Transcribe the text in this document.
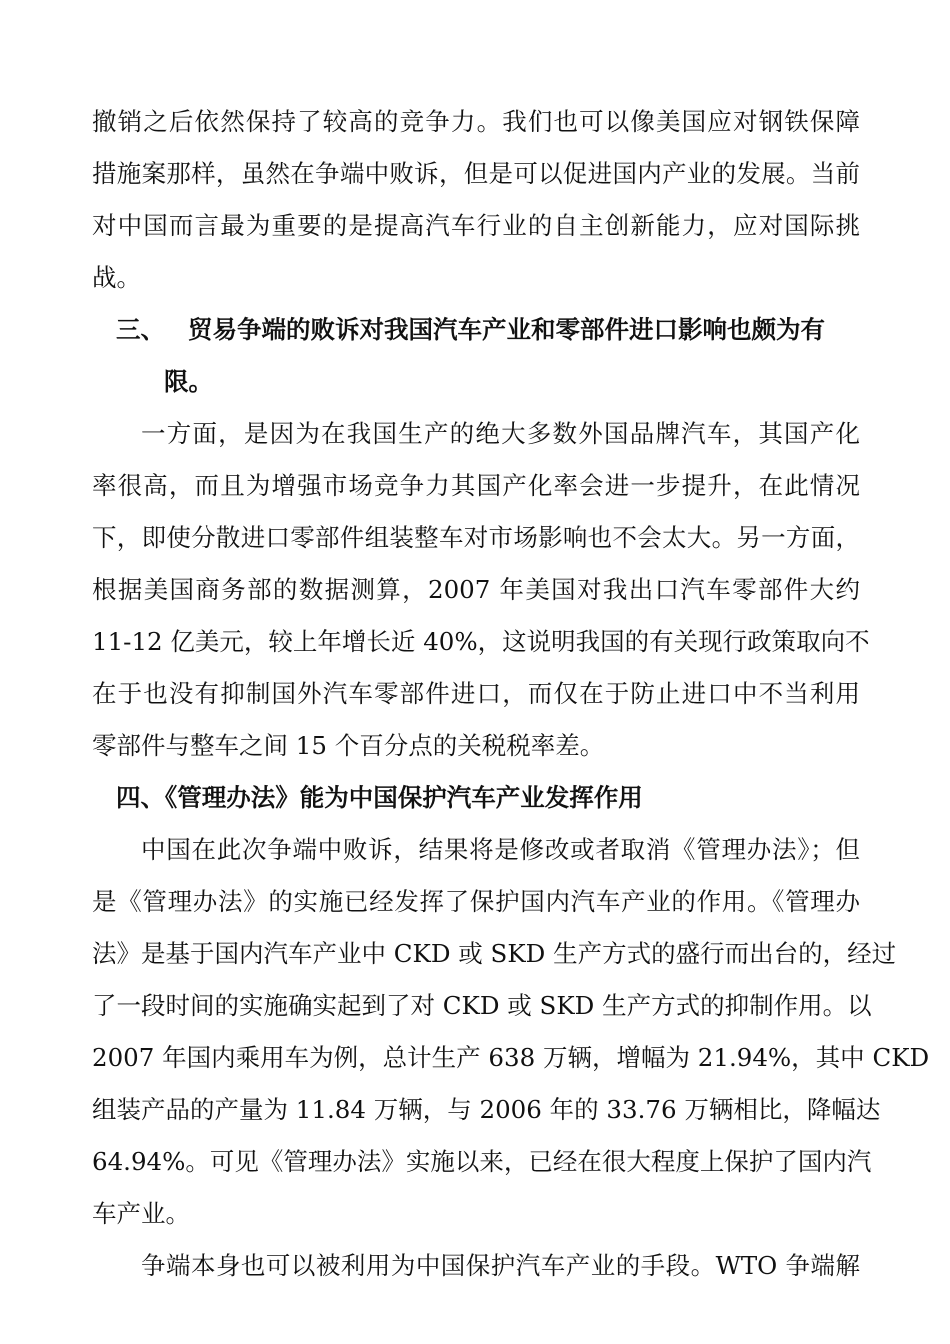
撤销之后依然保持了较高的竞争力。我们也可以像美国应对钢铁保障
措施案那样，虽然在争端中败诉，但是可以促进国内产业的发展。当前
对中国而言最为重要的是提高汽车行业的自主创新能力，应对国际挑
战。
三、 贸易争端的败诉对我国汽车产业和零部件进口影响也颇为有
限。
一方面，是因为在我国生产的绝大多数外国品牌汽车，其国产化
率很高，而且为增强市场竞争力其国产化率会进一步提升，在此情况
下，即使分散进口零部件组装整车对市场影响也不会太大。另一方面，
根据美国商务部的数据测算，2007 年美国对我出口汽车零部件大约
11-12 亿美元，较上年增长近 40%，这说明我国的有关现行政策取向不
在于也没有抑制国外汽车零部件进口，而仅在于防止进口中不当利用
零部件与整车之间 15 个百分点的关税税率差。
四、《管理办法》能为中国保护汽车产业发挥作用
中国在此次争端中败诉，结果将是修改或者取消《管理办法》；但
是《管理办法》的实施已经发挥了保护国内汽车产业的作用。《管理办
法》是基于国内汽车产业中 CKD 或 SKD 生产方式的盛行而出台的，经过
了一段时间的实施确实起到了对 CKD 或 SKD 生产方式的抑制作用。以
2007 年国内乘用车为例，总计生产 638 万辆，增幅为 21.94%，其中 CKD
组装产品的产量为 11.84 万辆，与 2006 年的 33.76 万辆相比，降幅达
64.94%。可见《管理办法》实施以来，已经在很大程度上保护了国内汽
车产业。
争端本身也可以被利用为中国保护汽车产业的手段。WTO 争端解
